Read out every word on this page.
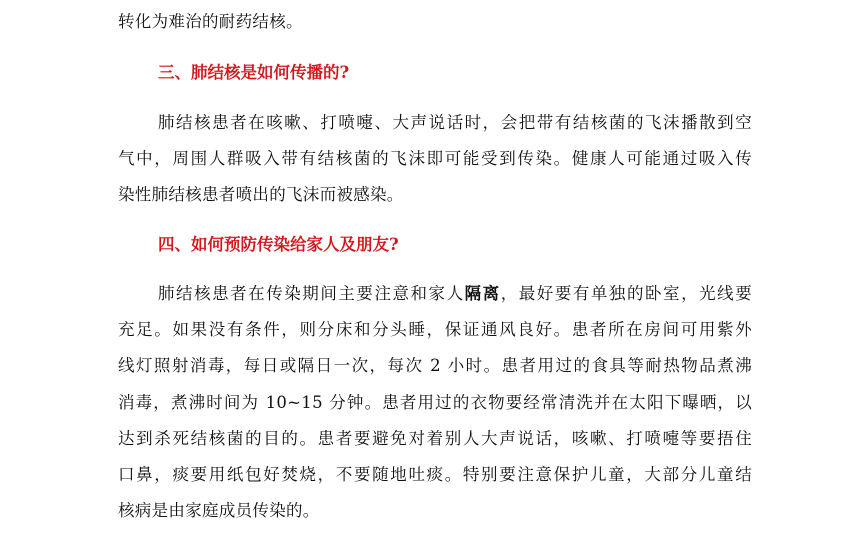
转化为难治的耐药结核。
三、肺结核是如何传播的?
肺结核患者在咳嗽、打喷嚏、大声说话时，会把带有结核菌的飞沫播散到空
气中，周围人群吸入带有结核菌的飞沫即可能受到传染。健康人可能通过吸入传
染性肺结核患者喷出的飞沫而被感染。
四、如何预防传染给家人及朋友?
肺结核患者在传染期间主要注意和家人隔离，最好要有单独的卧室，光线要
充足。如果没有条件，则分床和分头睡，保证通风良好。患者所在房间可用紫外
线灯照射消毒，每日或隔日一次，每次 2 小时。患者用过的食具等耐热物品煮沸
消毒，煮沸时间为 10~15 分钟。患者用过的衣物要经常清洗并在太阳下曝晒，以
达到杀死结核菌的目的。患者要避免对着别人大声说话，咳嗽、打喷嚏等要捂住
口鼻，痰要用纸包好焚烧，不要随地吐痰。特别要注意保护儿童，大部分儿童结
核病是由家庭成员传染的。
